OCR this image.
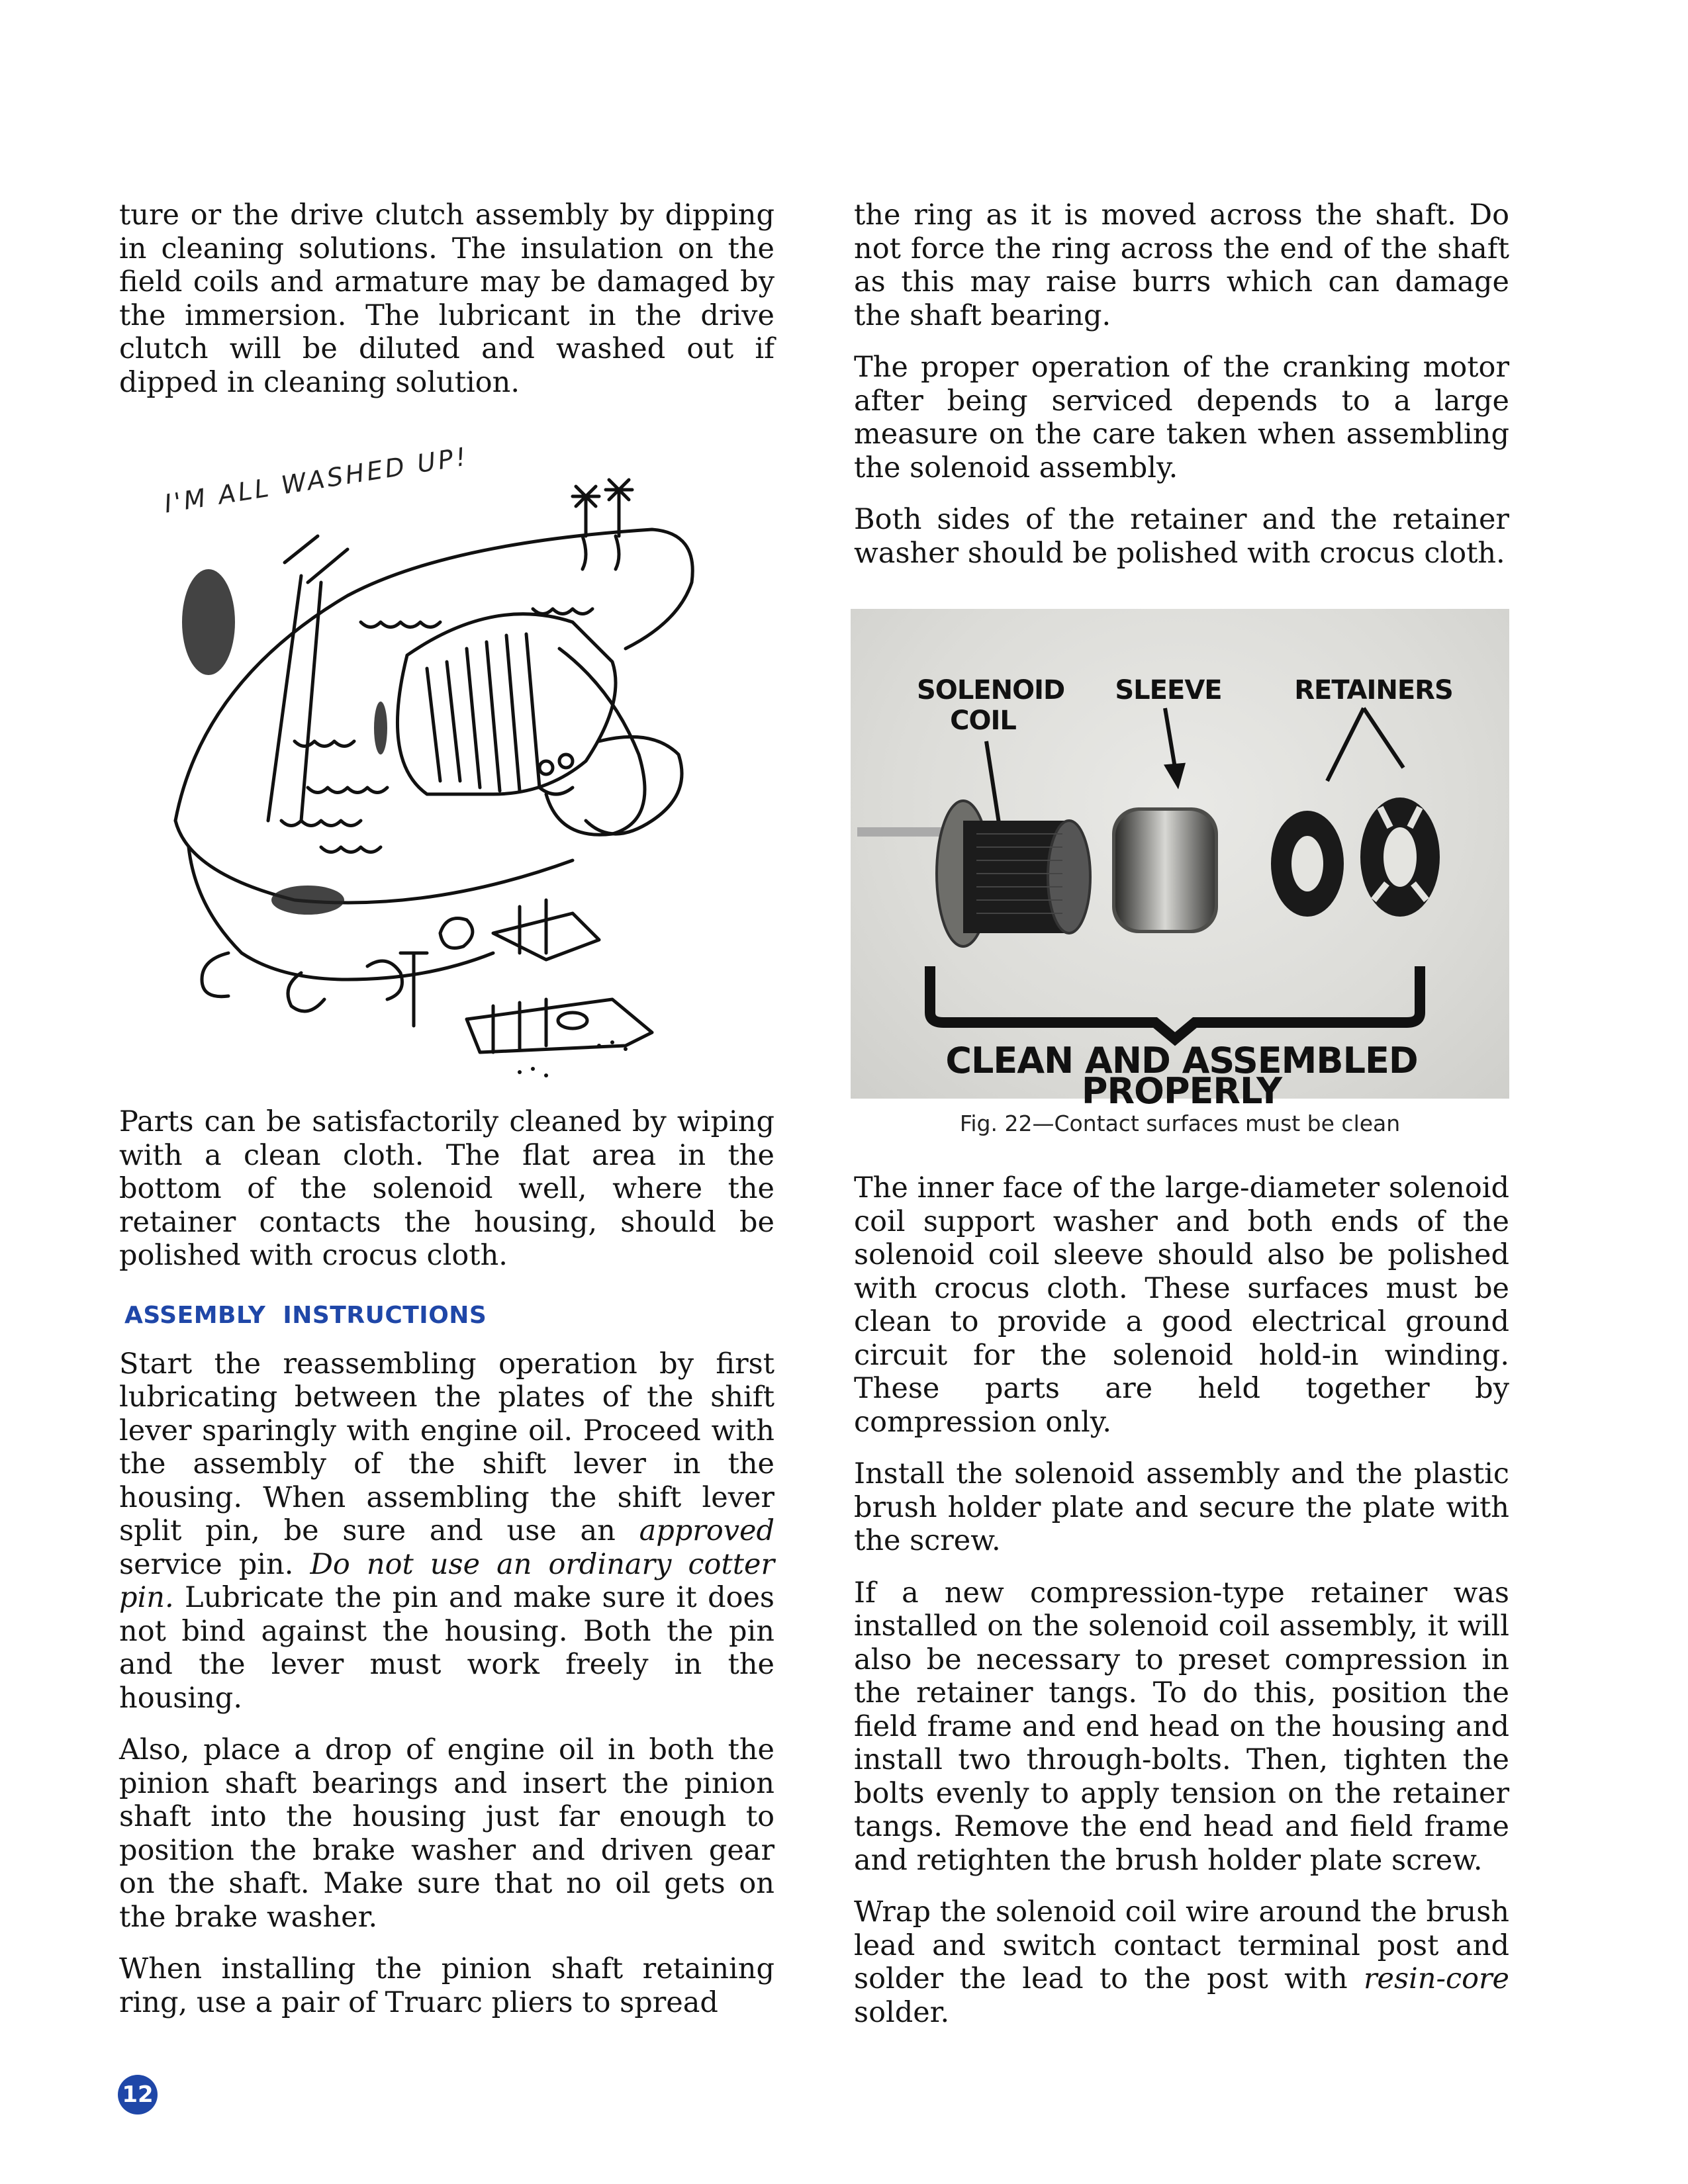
ture or the drive clutch assembly by dipping in cleaning solutions. The insulation on the field coils and armature may be damaged by the immersion. The lubricant in the drive clutch will be diluted and washed out if dipped in cleaning solution.

I'M ALL WASHED UP!

Parts can be satisfactorily cleaned by wiping with a clean cloth. The flat area in the bottom of the solenoid well, where the retainer contacts the housing, should be polished with crocus cloth.

ASSEMBLY INSTRUCTIONS

Start the reassembling operation by first lubricating between the plates of the shift lever sparingly with engine oil. Proceed with the assembly of the shift lever in the housing. When assembling the shift lever split pin, be sure and use an approved service pin. Do not use an ordinary cotter pin. Lubricate the pin and make sure it does not bind against the housing. Both the pin and the lever must work freely in the housing.

Also, place a drop of engine oil in both the pinion shaft bearings and insert the pinion shaft into the housing just far enough to position the brake washer and driven gear on the shaft. Make sure that no oil gets on the brake washer.

When installing the pinion shaft retaining ring, use a pair of Truarc pliers to spread

the ring as it is moved across the shaft. Do not force the ring across the end of the shaft as this may raise burrs which can damage the shaft bearing.

The proper operation of the cranking motor after being serviced depends to a large measure on the care taken when assembling the solenoid assembly.

Both sides of the retainer and the retainer washer should be polished with crocus cloth.

SOLENOID
COIL
SLEEVE	RETAINERS
CLEAN AND ASSEMBLED PROPERLY
Fig. 22—Contact surfaces must be clean

The inner face of the large-diameter solenoid coil support washer and both ends of the solenoid coil sleeve should also be polished with crocus cloth. These surfaces must be clean to provide a good electrical ground circuit for the solenoid hold-in winding. These parts are held together by compression only.

Install the solenoid assembly and the plastic brush holder plate and secure the plate with the screw.

If a new compression-type retainer was installed on the solenoid coil assembly, it will also be necessary to preset compression in the retainer tangs. To do this, position the field frame and end head on the housing and install two through-bolts. Then, tighten the bolts evenly to apply tension on the retainer tangs. Remove the end head and field frame and retighten the brush holder plate screw.

Wrap the solenoid coil wire around the brush lead and switch contact terminal post and solder the lead to the post with resin-core solder.

12
